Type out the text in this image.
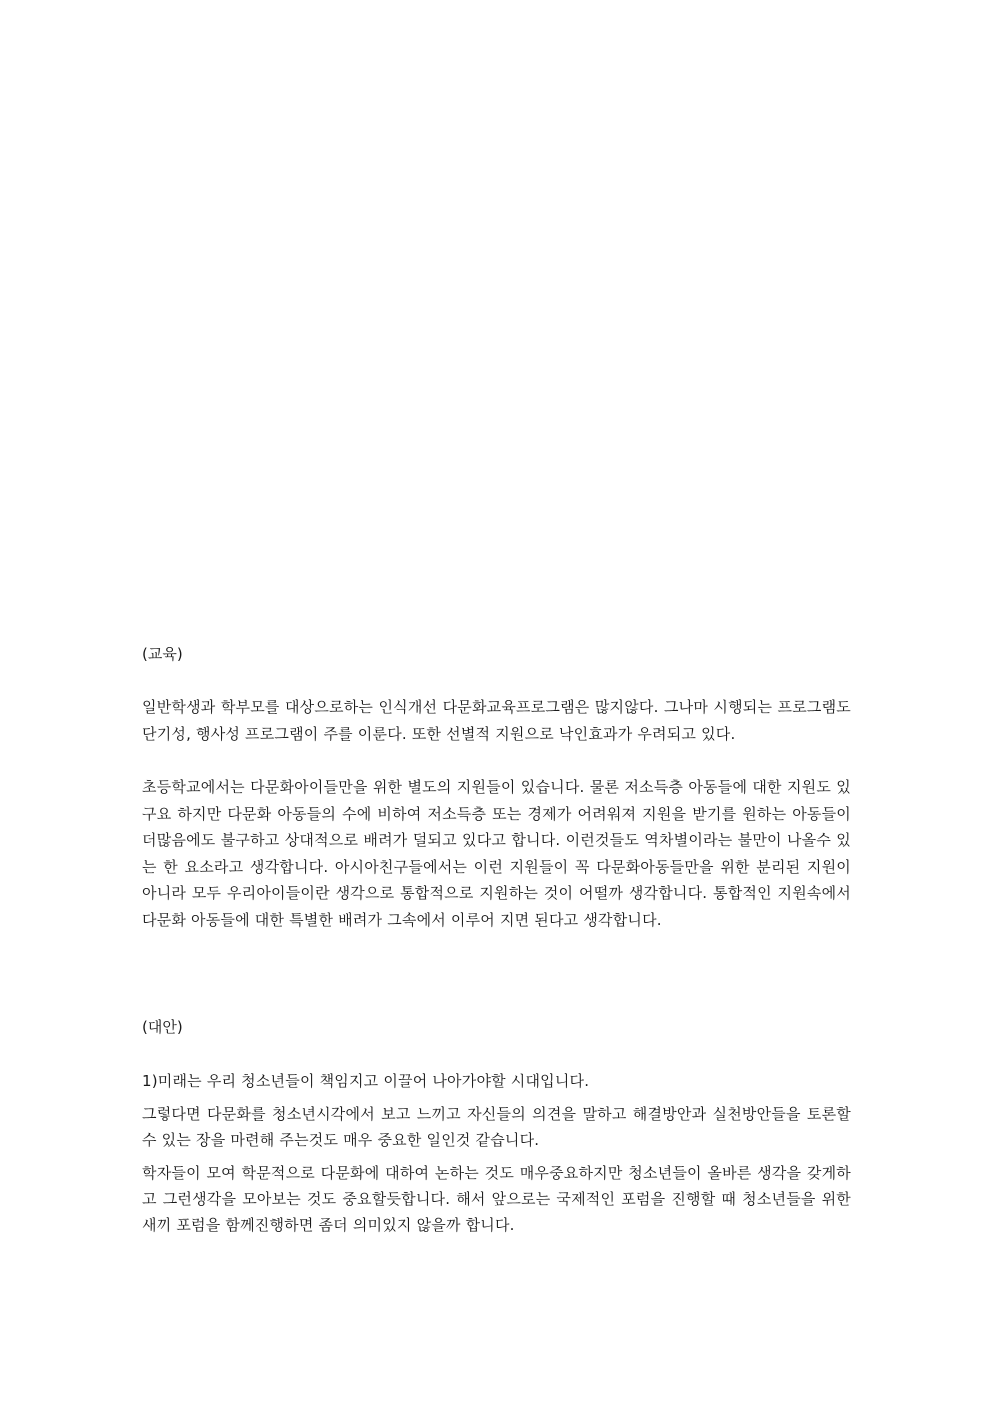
(교육)
일반학생과 학부모를 대상으로하는 인식개선 다문화교육프로그램은 많지않다. 그나마 시행되는 프로그램도 단기성, 행사성 프로그램이 주를 이룬다. 또한 선별적 지원으로 낙인효과가 우려되고 있다.
초등학교에서는 다문화아이들만을 위한 별도의 지원들이 있습니다. 물론 저소득층 아동들에 대한 지원도 있구요 하지만 다문화 아동들의 수에 비하여 저소득층 또는 경제가 어려워져 지원을 받기를 원하는 아동들이 더많음에도 불구하고 상대적으로 배려가 덜되고 있다고 합니다. 이런것들도 역차별이라는 불만이 나올수 있는 한 요소라고 생각합니다. 아시아친구들에서는 이런 지원들이 꼭 다문화아동들만을 위한 분리된 지원이 아니라 모두 우리아이들이란 생각으로 통합적으로 지원하는 것이 어떨까 생각합니다. 통합적인 지원속에서 다문화 아동들에 대한 특별한 배려가 그속에서 이루어 지면 된다고 생각합니다.
(대안)
1)미래는 우리 청소년들이 책임지고 이끌어 나아가야할 시대입니다.
그렇다면 다문화를 청소년시각에서 보고 느끼고 자신들의 의견을 말하고 해결방안과 실천방안들을 토론할수 있는 장을 마련해 주는것도 매우 중요한 일인것 같습니다.
학자들이 모여 학문적으로 다문화에 대하여 논하는 것도 매우중요하지만 청소년들이 올바른 생각을 갖게하고 그런생각을 모아보는 것도 중요할듯합니다. 해서 앞으로는 국제적인 포럼을 진행할 때 청소년들을 위한 새끼 포럼을 함께진행하면 좀더 의미있지 않을까 합니다.
